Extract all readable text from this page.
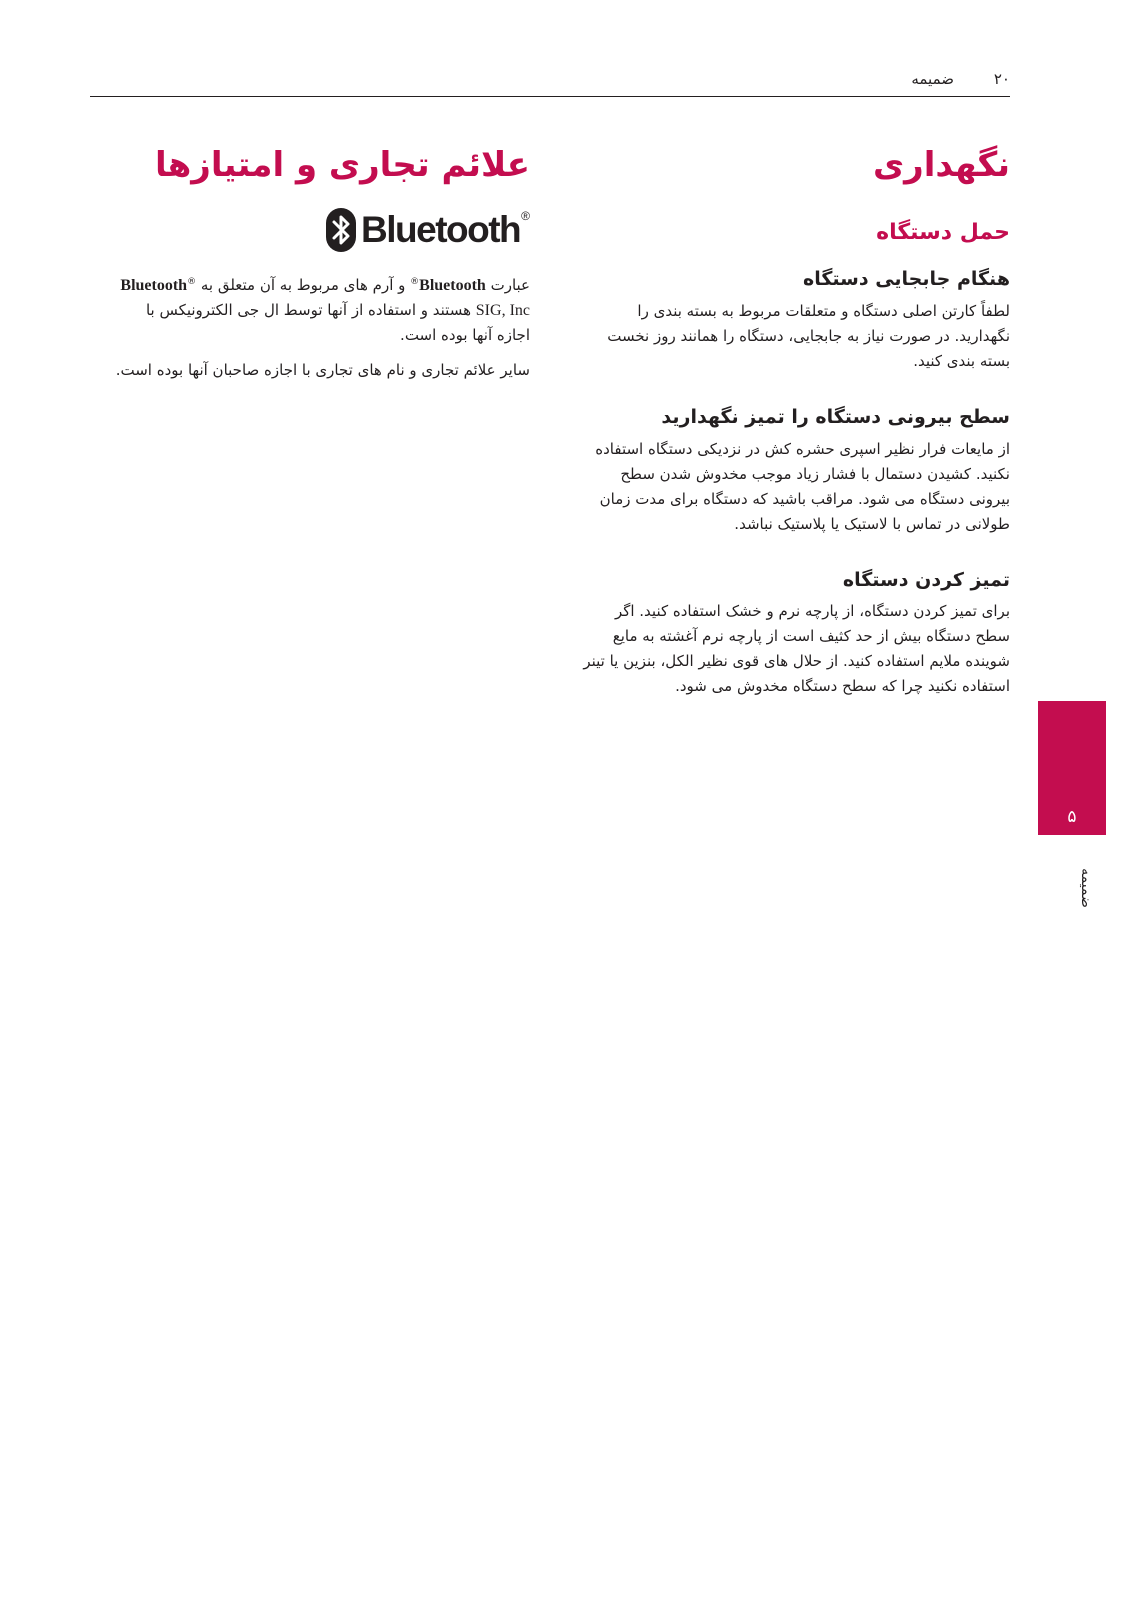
۲۰
ضمیمه
نگهداری
حمل دستگاه
هنگام جابجایی دستگاه

لطفاً کارتن اصلی دستگاه و متعلقات مربوط به بسته بندی را نگهدارید. در صورت نیاز به جابجایی، دستگاه را همانند روز نخست بسته بندی کنید.

سطح بیرونی دستگاه را تمیز نگهدارید

از مایعات فرار نظیر اسپری حشره کش در نزدیکی دستگاه استفاده نکنید. کشیدن دستمال با فشار زیاد موجب مخدوش شدن سطح بیرونی دستگاه می شود. مراقب باشید که دستگاه برای مدت زمان طولانی در تماس با لاستیک یا پلاستیک نباشد.

تمیز کردن دستگاه

برای تمیز کردن دستگاه، از پارچه نرم و خشک استفاده کنید. اگر سطح دستگاه بیش از حد کثیف است از پارچه نرم آغشته به مایع شوینده ملایم استفاده کنید. از حلال های قوی نظیر الکل، بنزین یا تینر استفاده نکنید چرا که سطح دستگاه مخدوش می شود.

علائم تجاری و امتیازها
Bluetooth ®

عبارت Bluetooth® و آرم های مربوط به آن متعلق به Bluetooth® SIG, Inc هستند و استفاده از آنها توسط ال جی الکترونیکس با اجازه آنها بوده است.

سایر علائم تجاری و نام های تجاری با اجازه صاحبان آنها بوده است.

۵
ضمیمه
